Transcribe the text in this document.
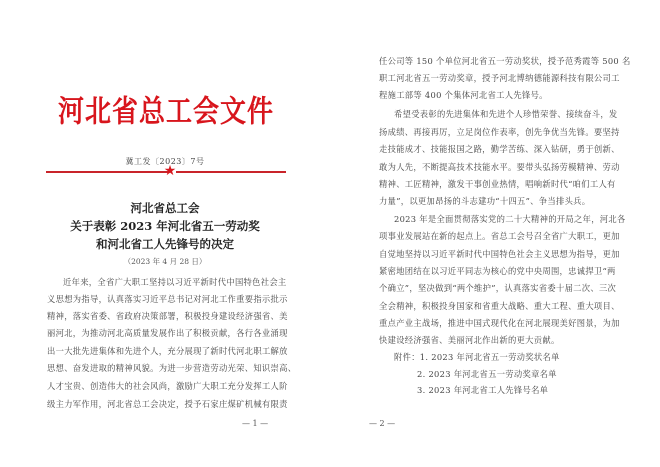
河北省总工会文件
冀工发〔2023〕7号
★
河北省总工会
关于表彰 2023 年河北省五一劳动奖
和河北省工人先锋号的决定
（2023 年 4 月 28 日）
近年来，全省广大职工坚持以习近平新时代中国特色社会主
义思想为指导，认真落实习近平总书记对河北工作重要指示批示
精神，落实省委、省政府决策部署，积极投身建设经济强省、美
丽河北，为推动河北高质量发展作出了积极贡献，各行各业涌现
出一大批先进集体和先进个人，充分展现了新时代河北职工解放
思想、奋发进取的精神风貌。为进一步营造劳动光荣、知识崇高、
人才宝贵、创造伟大的社会风尚，激励广大职工充分发挥工人阶
级主力军作用，河北省总工会决定，授予石家庄煤矿机械有限责
— 1 —
任公司等 150 个单位河北省五一劳动奖状，授予范秀霞等 500 名
职工河北省五一劳动奖章，授予河北博纳德能源科技有限公司工
程施工部等 400 个集体河北省工人先锋号。
希望受表彰的先进集体和先进个人珍惜荣誉、接续奋斗，发
扬成绩、再接再厉，立足岗位作表率，创先争优当先锋。要坚持
走技能成才、技能报国之路，勤学苦练、深入钻研，勇于创新、
敢为人先，不断提高技术技能水平。要带头弘扬劳模精神、劳动
精神、工匠精神，激发干事创业热情，唱响新时代“咱们工人有
力量”，以更加昂扬的斗志建功“十四五”、争当排头兵。
2023 年是全面贯彻落实党的二十大精神的开局之年，河北各
项事业发展站在新的起点上。省总工会号召全省广大职工，更加
自觉地坚持以习近平新时代中国特色社会主义思想为指导，更加
紧密地团结在以习近平同志为核心的党中央周围，忠诚捍卫“两
个确立”，坚决做到“两个维护”，认真落实省委十届二次、三次
全会精神，积极投身国家和省重大战略、重大工程、重大项目、
重点产业主战场，推进中国式现代化在河北展现美好图景，为加
快建设经济强省、美丽河北作出新的更大贡献。
附件：1. 2023 年河北省五一劳动奖状名单
2. 2023 年河北省五一劳动奖章名单
3. 2023 年河北省工人先锋号名单
— 2 —
